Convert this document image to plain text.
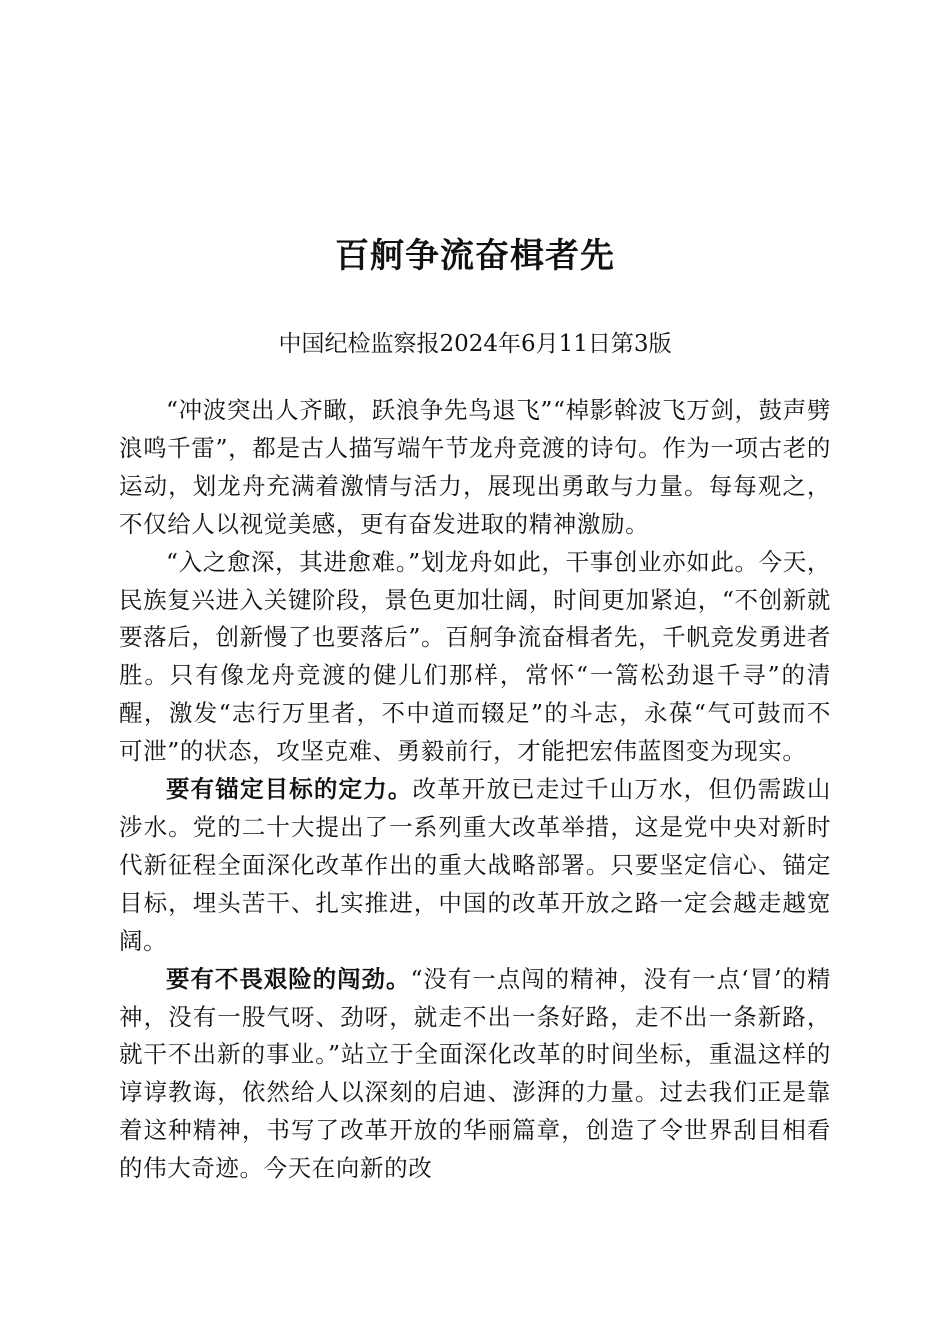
百舸争流奋楫者先
中国纪检监察报2024年6月11日第3版

“冲波突出人齐瞰，跃浪争先鸟退飞”“棹影斡波飞万剑，鼓声劈浪鸣千雷”，都是古人描写端午节龙舟竞渡的诗句。作为一项古老的运动，划龙舟充满着激情与活力，展现出勇敢与力量。每每观之，不仅给人以视觉美感，更有奋发进取的精神激励。

“入之愈深，其进愈难。”划龙舟如此，干事创业亦如此。今天，民族复兴进入关键阶段，景色更加壮阔，时间更加紧迫，“不创新就要落后，创新慢了也要落后”。百舸争流奋楫者先，千帆竞发勇进者胜。只有像龙舟竞渡的健儿们那样，常怀“一篙松劲退千寻”的清醒，激发“志行万里者，不中道而辍足”的斗志，永葆“气可鼓而不可泄”的状态，攻坚克难、勇毅前行，才能把宏伟蓝图变为现实。

要有锚定目标的定力。改革开放已走过千山万水，但仍需跋山涉水。党的二十大提出了一系列重大改革举措，这是党中央对新时代新征程全面深化改革作出的重大战略部署。只要坚定信心、锚定目标，埋头苦干、扎实推进，中国的改革开放之路一定会越走越宽阔。

要有不畏艰险的闯劲。“没有一点闯的精神，没有一点‘冒’的精神，没有一股气呀、劲呀，就走不出一条好路，走不出一条新路，就干不出新的事业。”站立于全面深化改革的时间坐标，重温这样的谆谆教诲，依然给人以深刻的启迪、澎湃的力量。过去我们正是靠着这种精神，书写了改革开放的华丽篇章，创造了令世界刮目相看的伟大奇迹。今天在向新的改
